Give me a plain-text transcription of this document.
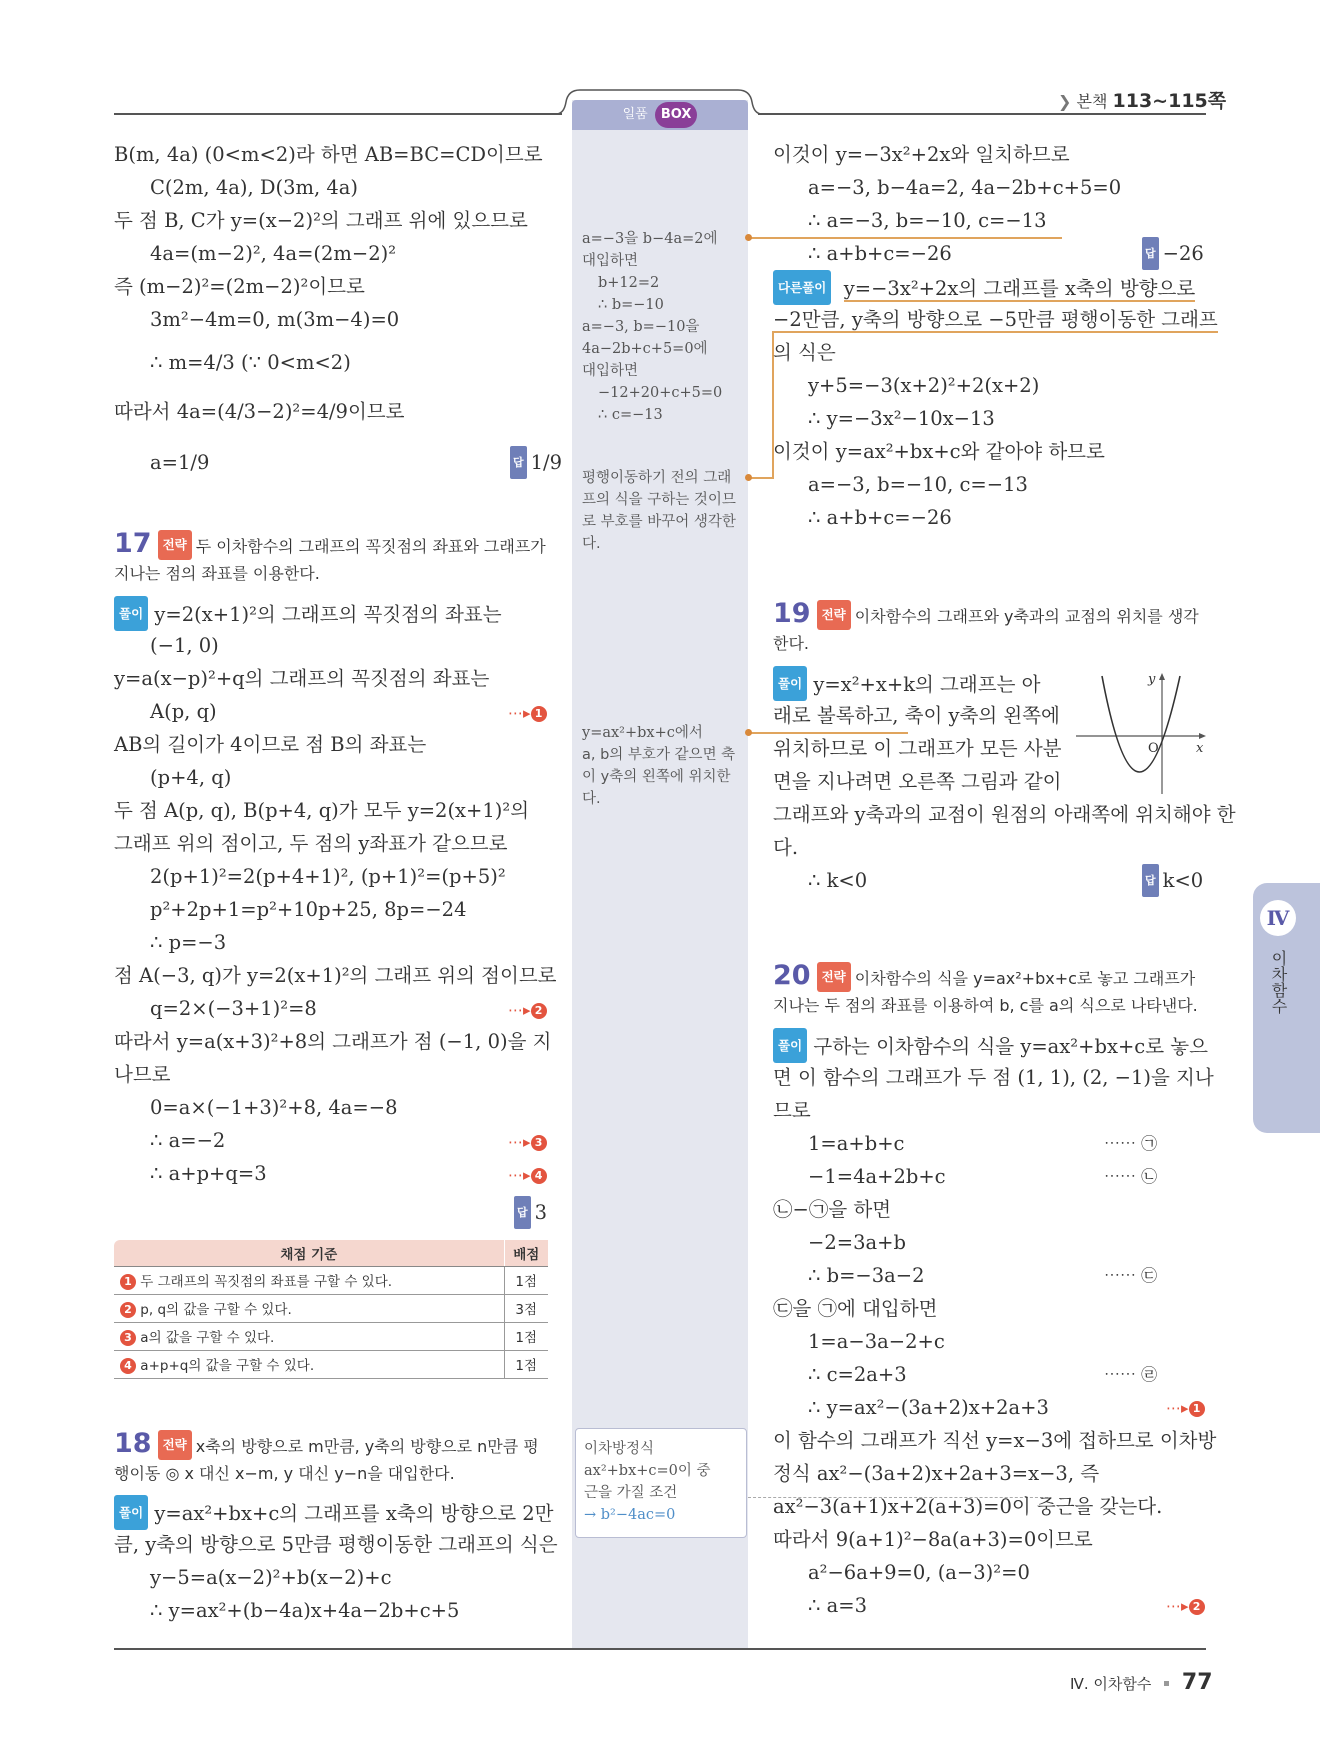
일품 BOX
❯ 본책 113~115쪽
B(m, 4a) (0<m<2)라 하면 AB=BC=CD이므로
C(2m, 4a), D(3m, 4a)
두 점 B, C가 y=(x−2)²의 그래프 위에 있으므로
4a=(m−2)², 4a=(2m−2)²
즉 (m−2)²=(2m−2)²이므로
3m²−4m=0, m(3m−4)=0
∴ m=4/3 (∵ 0<m<2)
따라서 4a=(4/3−2)²=4/9이므로
a=1/9	답 1/9
17 전략 두 이차함수의 그래프의 꼭짓점의 좌표와 그래프가
지나는 점의 좌표를 이용한다.
풀이 y=2(x+1)²의 그래프의 꼭짓점의 좌표는
(−1, 0)
y=a(x−p)²+q의 그래프의 꼭짓점의 좌표는
A(p, q)
AB의 길이가 4이므로 점 B의 좌표는
(p+4, q)
두 점 A(p, q), B(p+4, q)가 모두 y=2(x+1)²의
그래프 위의 점이고, 두 점의 y좌표가 같으므로
2(p+1)²=2(p+4+1)², (p+1)²=(p+5)²
p²+2p+1=p²+10p+25, 8p=−24
∴ p=−3
점 A(−3, q)가 y=2(x+1)²의 그래프 위의 점이므로
q=2×(−3+1)²=8
따라서 y=a(x+3)²+8의 그래프가 점 (−1, 0)을 지
나므로
0=a×(−1+3)²+8, 4a=−8
∴ a=−2
∴ a+p+q=3
⋯▸ 1
⋯▸ 2
⋯▸ 3
⋯▸ 4
답 3
채점 기준	배점
1 두 그래프의 꼭짓점의 좌표를 구할 수 있다.	1점
2 p, q의 값을 구할 수 있다.	3점
3 a의 값을 구할 수 있다.	1점
4 a+p+q의 값을 구할 수 있다.	1점
18 전략 x축의 방향으로 m만큼, y축의 방향으로 n만큼 평
행이동 ◎ x 대신 x−m, y 대신 y−n을 대입한다.
풀이 y=ax²+bx+c의 그래프를 x축의 방향으로 2만
큼, y축의 방향으로 5만큼 평행이동한 그래프의 식은
y−5=a(x−2)²+b(x−2)+c
∴ y=ax²+(b−4a)x+4a−2b+c+5
a=−3을 b−4a=2에
대입하면
b+12=2
∴ b=−10
a=−3, b=−10을
4a−2b+c+5=0에
대입하면
−12+20+c+5=0
∴ c=−13
평행이동하기 전의 그래
프의 식을 구하는 것이므
로 부호를 바꾸어 생각한
다.
y=ax²+bx+c에서
a, b의 부호가 같으면 축
이 y축의 왼쪽에 위치한
다.
이차방정식
ax²+bx+c=0이 중
근을 가질 조건
→ b²−4ac=0
이것이 y=−3x²+2x와 일치하므로
a=−3, b−4a=2, 4a−2b+c+5=0
∴ a=−3, b=−10, c=−13
∴ a+b+c=−26	답 −26
다른풀이 y=−3x²+2x의 그래프를 x축의 방향으로
−2만큼, y축의 방향으로 −5만큼 평행이동한 그래프
의 식은
y+5=−3(x+2)²+2(x+2)
∴ y=−3x²−10x−13
이것이 y=ax²+bx+c와 같아야 하므로
a=−3, b=−10, c=−13
∴ a+b+c=−26
19 전략 이차함수의 그래프와 y축과의 교점의 위치를 생각
한다.
풀이 y=x²+x+k의 그래프는 아
래로 볼록하고, 축이 y축의 왼쪽에
위치하므로 이 그래프가 모든 사분
면을 지나려면 오른쪽 그림과 같이
그래프와 y축과의 교점이 원점의 아래쪽에 위치해야 한
다.
∴ k<0	답 k<0
y
x
O
20 전략 이차함수의 식을 y=ax²+bx+c로 놓고 그래프가
지나는 두 점의 좌표를 이용하여 b, c를 a의 식으로 나타낸다.
풀이 구하는 이차함수의 식을 y=ax²+bx+c로 놓으
면 이 함수의 그래프가 두 점 (1, 1), (2, −1)을 지나
므로
1=a+b+c
−1=4a+2b+c
㉡−㉠을 하면
−2=3a+b
∴ b=−3a−2
㉢을 ㉠에 대입하면
1=a−3a−2+c
∴ c=2a+3
∴ y=ax²−(3a+2)x+2a+3
이 함수의 그래프가 직선 y=x−3에 접하므로 이차방
정식 ax²−(3a+2)x+2a+3=x−3, 즉
ax²−3(a+1)x+2(a+3)=0이 중근을 갖는다.
따라서 9(a+1)²−8a(a+3)=0이므로
a²−6a+9=0, (a−3)²=0
∴ a=3
⋯⋯ ㉠
⋯⋯ ㉡
⋯⋯ ㉢
⋯⋯ ㉣
⋯▸ 1
⋯▸ 2
Ⅳ
이차함수
Ⅳ. 이차함수 77
